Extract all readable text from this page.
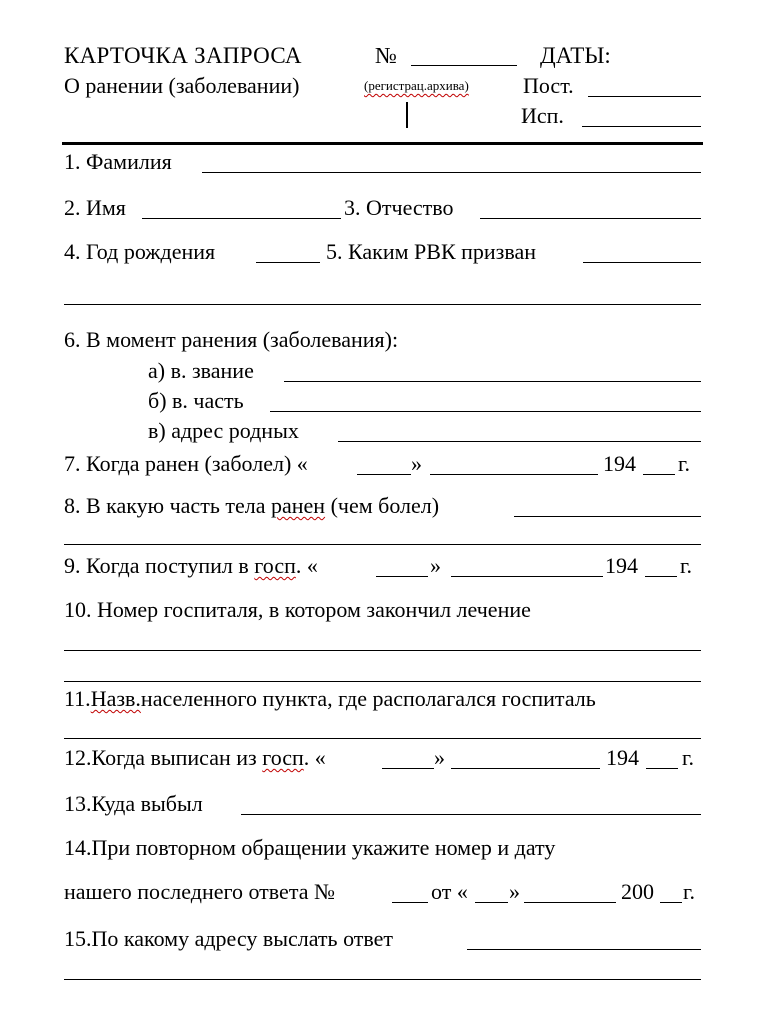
КАРТОЧКА ЗАПРОСА	№	ДАТЫ:
О ранении (заболевании)	(регистрац.архива) Пост.
Исп.
1. Фамилия
2. Имя	3. Отчество
4. Год рождения	5. Каким РВК призван
6. В момент ранения (заболевания):
а) в. звание
б) в. часть
в) адрес родных
7. Когда ранен (заболел) «	»	194 г.
8. В какую часть тела ранен (чем болел)
9. Когда поступил в госп. «	»	194 г.
10. Номер госпиталя, в котором закончил лечение
11.Назв.населенного пункта, где располагался госпиталь
12.Когда выписан из госп. «	»	194 г.
13.Куда выбыл
14.При повторном обращении укажите номер и дату
нашего последнего ответа №	от « »	200 г.
15.По какому адресу выслать ответ
